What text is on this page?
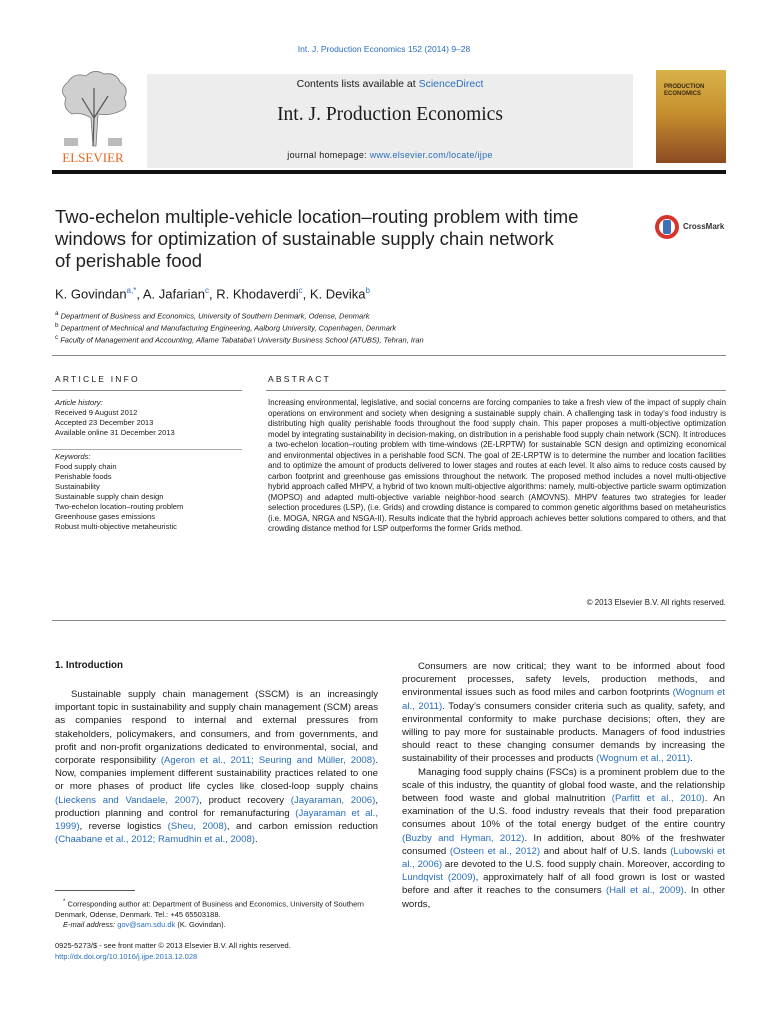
Int. J. Production Economics 152 (2014) 9–28
ELSEVIER
Contents lists available at ScienceDirect
Int. J. Production Economics
journal homepage: www.elsevier.com/locate/ijpe
PRODUCTION
ECONOMICS
Two-echelon multiple-vehicle location–routing problem with time
windows for optimization of sustainable supply chain network
of perishable food
CrossMark
K. Govindan$^{a,*}$, A. Jafarian$^c$, R. Khodaverdi$^c$, K. Devika$^b$
$^a$ Department of Business and Economics, University of Southern Denmark, Odense, Denmark
$^b$ Department of Mechnical and Manufacturing Engineering, Aalborg University, Copenhagen, Denmark
$^c$ Faculty of Management and Accounting, Allame Tabataba’i University Business School (ATUBS), Tehran, Iran
ARTICLE INFO	ABSTRACT
Article history:
Received 9 August 2012
Accepted 23 December 2013
Available online 31 December 2013
Keywords:
Food supply chain
Perishable foods
Sustainability
Sustainable supply chain design
Two-echelon location–routing problem
Greenhouse gases emissions
Robust multi-objective metaheuristic
Increasing environmental, legislative, and social concerns are forcing companies to take a fresh view of the impact of supply chain operations on environment and society when designing a sustainable supply chain. A challenging task in today’s food industry is distributing high quality perishable foods throughout the food supply chain. This paper proposes a multi-objective optimization model by integrating sustainability in decision-making, on distribution in a perishable food supply chain network (SCN). It introduces a two-echelon location–routing problem with time-windows (2E-LRPTW) for sustainable SCN design and optimizing economical and environmental objectives in a perishable food SCN. The goal of 2E-LRPTW is to determine the number and location facilities and to optimize the amount of products delivered to lower stages and routes at each level. It also aims to reduce costs caused by carbon footprint and greenhouse gas emissions throughout the network. The proposed method includes a novel multi-objective hybrid approach called MHPV, a hybrid of two known multi-objective algorithms: namely, multi-objective particle swarm optimization (MOPSO) and adapted multi-objective variable neighbor-hood search (AMOVNS). MHPV features two strategies for leader selection procedures (LSP), (i.e. Grids) and crowding distance is compared to common genetic algorithms based on metaheuristics (i.e. MOGA, NRGA and NSGA-II). Results indicate that the hybrid approach achieves better solutions compared to others, and that crowding distance method for LSP outperforms the former Grids method.
© 2013 Elsevier B.V. All rights reserved.
1. Introduction

Sustainable supply chain management (SSCM) is an increasingly important topic in sustainability and supply chain management (SCM) areas as companies respond to internal and external pressures from stakeholders, policymakers, and consumers, and from governments, and profit and non-profit organizations dedicated to environmental, social, and corporate responsibility (Ageron et al., 2011; Seuring and Müller, 2008). Now, companies implement different sustainability practices related to one or more phases of product life cycles like closed-loop supply chains (Lieckens and Vandaele, 2007), product recovery (Jayaraman, 2006), production planning and control for remanufacturing (Jayaraman et al., 1999), reverse logistics (Sheu, 2008), and carbon emission reduction (Chaabane et al., 2012; Ramudhin et al., 2008).

Consumers are now critical; they want to be informed about food procurement processes, safety levels, production methods, and environmental issues such as food miles and carbon footprints (Wognum et al., 2011). Today’s consumers consider criteria such as quality, safety, and environmental conformity to make purchase decisions; often, they are willing to pay more for sustainable products. Managers of food industries should react to these changing consumer demands by increasing the sustainability of their processes and products (Wognum et al., 2011).

Managing food supply chains (FSCs) is a prominent problem due to the scale of this industry, the quantity of global food waste, and the relationship between food waste and global malnutrition (Parfitt et al., 2010). An examination of the U.S. food industry reveals that their food preparation consumes about 10% of the total energy budget of the entire country (Buzby and Hyman, 2012). In addition, about 80% of the freshwater consumed (Osteen et al., 2012) and about half of U.S. lands (Lubowski et al., 2006) are devoted to the U.S. food supply chain. Moreover, according to Lundqvist (2009), approximately half of all food grown is lost or wasted before and after it reaches to the consumers (Hall et al., 2009). In other words,

* Corresponding author at: Department of Business and Economics, University of Southern Denmark, Odense, Denmark. Tel.: +45 65503188.
E-mail address: gov@sam.sdu.dk (K. Govindan).
0925-5273/$ - see front matter © 2013 Elsevier B.V. All rights reserved.
http://dx.doi.org/10.1016/j.ijpe.2013.12.028
